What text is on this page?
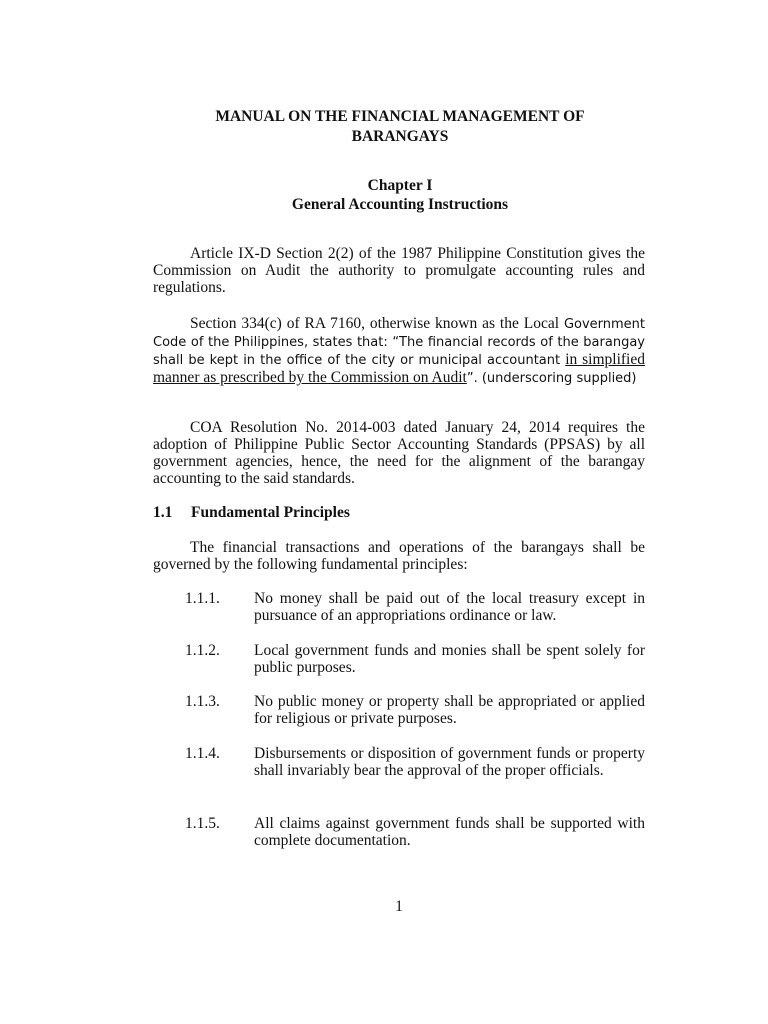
MANUAL ON THE FINANCIAL MANAGEMENT OF
BARANGAYS
Chapter I
General Accounting Instructions
Article IX-D Section 2(2) of the 1987 Philippine Constitution gives the Commission on Audit the authority to promulgate accounting rules and regulations.
Section 334(c) of RA 7160, otherwise known as the Local Government Code of the Philippines, states that: “The financial records of the barangay shall be kept in the office of the city or municipal accountant in simplified manner as prescribed by the Commission on Audit”. (underscoring supplied)
COA Resolution No. 2014-003 dated January 24, 2014 requires the adoption of Philippine Public Sector Accounting Standards (PPSAS) by all government agencies, hence, the need for the alignment of the barangay accounting to the said standards.
1.1 Fundamental Principles
The financial transactions and operations of the barangays shall be governed by the following fundamental principles:
1.1.1. No money shall be paid out of the local treasury except in pursuance of an appropriations ordinance or law.
1.1.2. Local government funds and monies shall be spent solely for public purposes.
1.1.3. No public money or property shall be appropriated or applied for religious or private purposes.
1.1.4. Disbursements or disposition of government funds or property shall invariably bear the approval of the proper officials.
1.1.5. All claims against government funds shall be supported with complete documentation.
1
